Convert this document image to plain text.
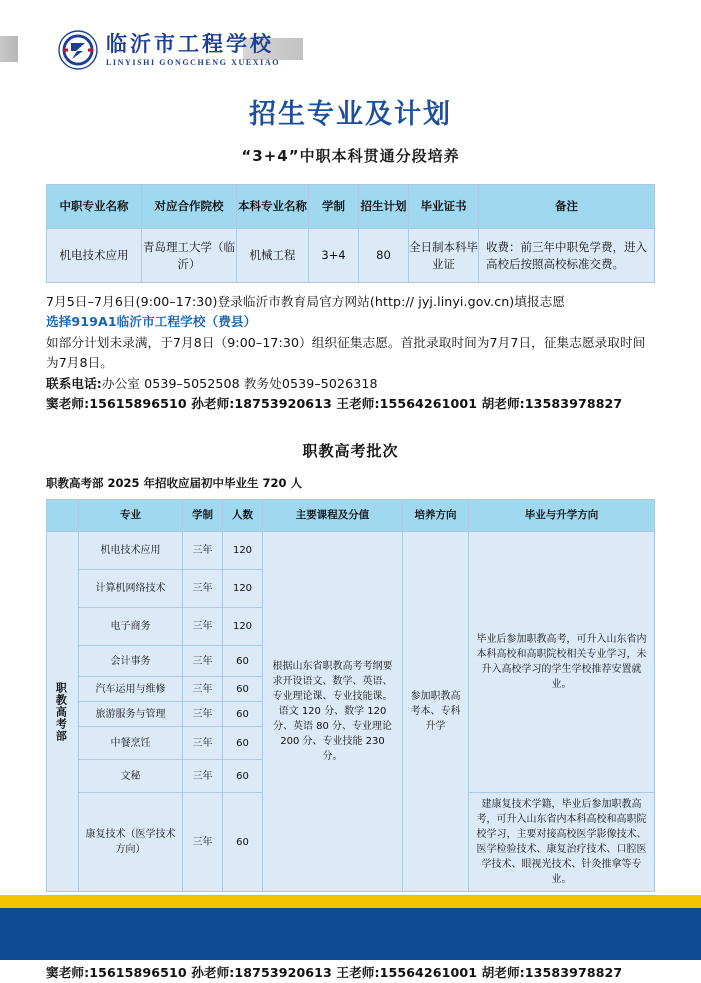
临沂市工程学校
LINYISHI GONGCHENG XUEXIAO
招生专业及计划
“3+4”中职本科贯通分段培养
中职专业名称	对应合作院校	本科专业名称	学制	招生计划	毕业证书	备注
机电技术应用	青岛理工大学（临沂）	机械工程	3+4	80	全日制本科毕业证	收费：前三年中职免学费，进入高校后按照高校标准交费。
7月5日–7月6日(9:00–17:30)登录临沂市教育局官方网站(http:// jyj.linyi.gov.cn)填报志愿
选择919A1临沂市工程学校（费县）
如部分计划未录满，于7月8日（9:00–17:30）组织征集志愿。首批录取时间为7月7日，征集志愿录取时间为7月8日。
联系电话:办公室 0539–5052508 教务处0539–5026318
窦老师:15615896510 孙老师:18753920613 王老师:15564261001 胡老师:13583978827
职教高考批次
职教高考部 2025 年招收应届初中毕业生 720 人
	专业	学制	人数	主要课程及分值	培养方向	毕业与升学方向

职教高考部	机电技术应用	三年	120	根据山东省职教高考考纲要求开设语文、数学、英语、专业理论课、专业技能课。语文 120 分、数学 120 分、英语 80 分、专业理论 200 分、专业技能 230 分。	参加职教高考本、专科升学	毕业后参加职教高考，可升入山东省内本科高校和高职院校相关专业学习，未升入高校学习的学生学校推荐安置就业。
	计算机网络技术	三年	120			
	电子商务	三年	120			
	会计事务	三年	60			
	汽车运用与维修	三年	60			
	旅游服务与管理	三年	60			
	中餐烹饪	三年	60			
	文秘	三年	60			
	康复技术（医学技术方向）	三年	60			建康复技术学籍，毕业后参加职教高考，可升入山东省内本科高校和高职院校学习，主要对接高校医学影像技术、医学检验技术、康复治疗技术、口腔医学技术、眼视光技术、针灸推拿等专业。
窦老师:15615896510 孙老师:18753920613 王老师:15564261001 胡老师:13583978827
